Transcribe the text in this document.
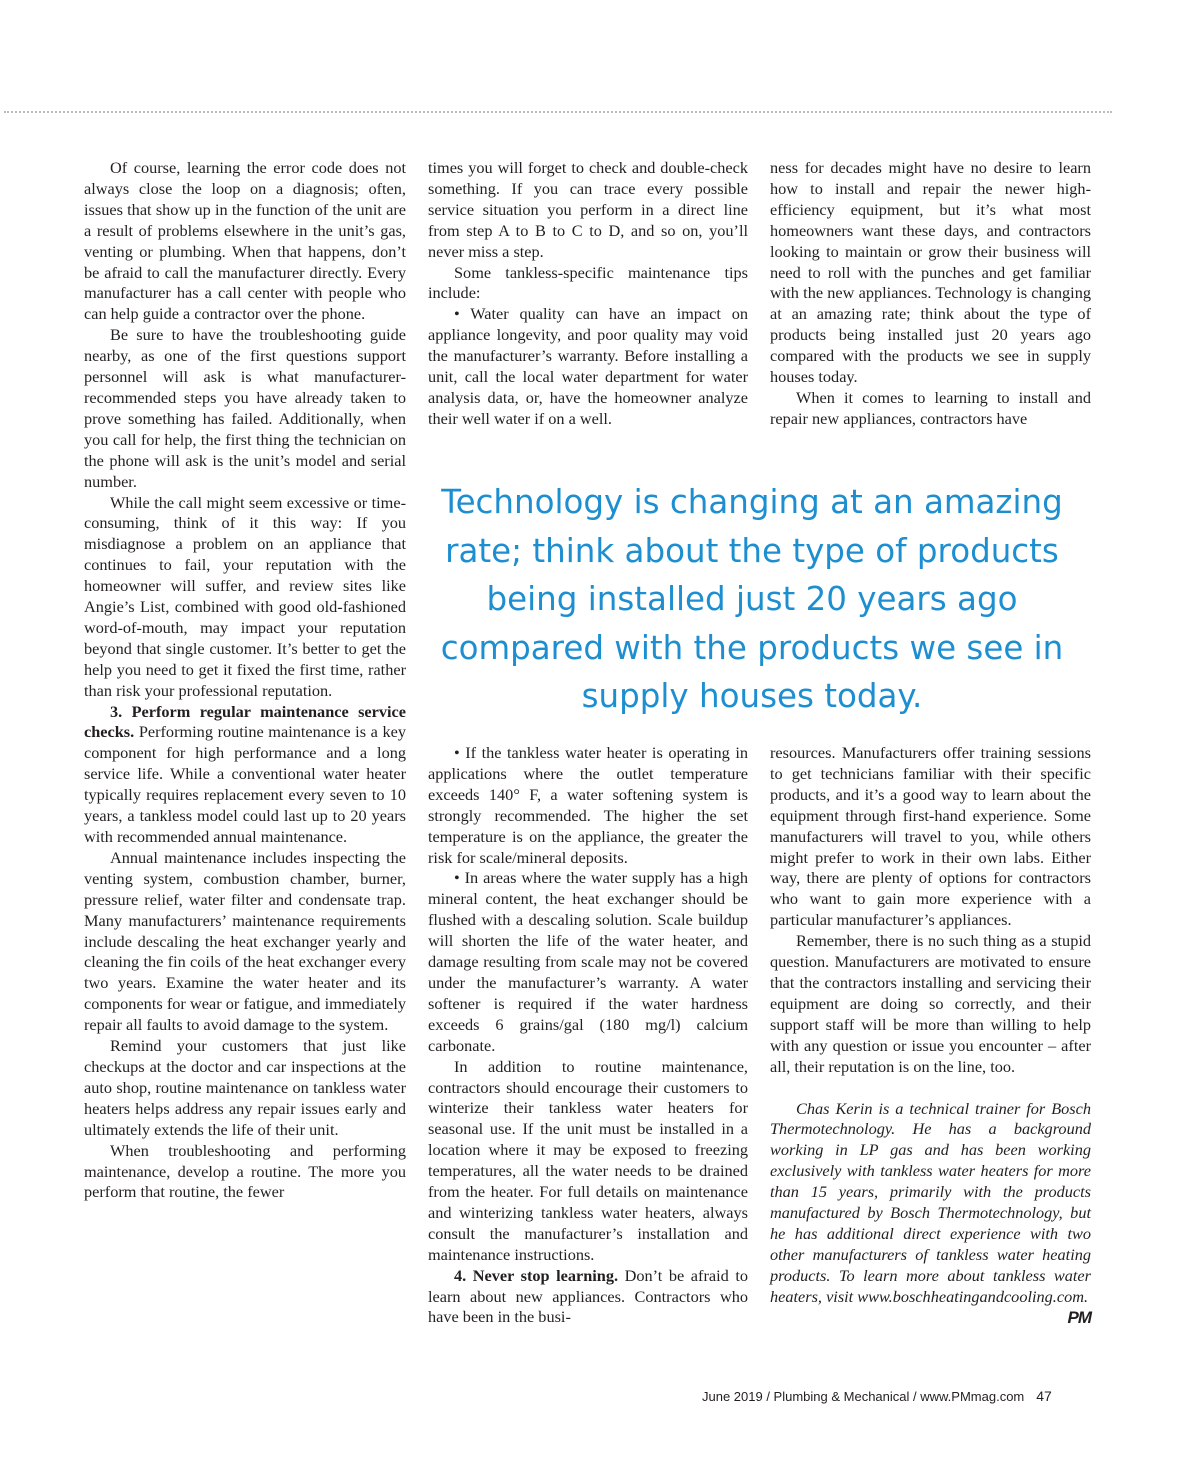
Of course, learning the error code does not always close the loop on a diagnosis; often, issues that show up in the function of the unit are a result of problems elsewhere in the unit’s gas, venting or plumbing. When that happens, don’t be afraid to call the manufacturer directly. Every manufacturer has a call center with people who can help guide a contractor over the phone.

Be sure to have the troubleshooting guide nearby, as one of the first questions support personnel will ask is what manufacturer-recommended steps you have already taken to prove something has failed. Additionally, when you call for help, the first thing the technician on the phone will ask is the unit’s model and serial number.

While the call might seem excessive or time-consuming, think of it this way: If you misdiagnose a problem on an appliance that continues to fail, your reputation with the homeowner will suffer, and review sites like Angie’s List, combined with good old-fashioned word-of-mouth, may impact your reputation beyond that single customer. It’s better to get the help you need to get it fixed the first time, rather than risk your professional reputation.

3. Perform regular maintenance service checks. Performing routine maintenance is a key component for high performance and a long service life. While a conventional water heater typically requires replacement every seven to 10 years, a tankless model could last up to 20 years with recommended annual maintenance.

Annual maintenance includes inspecting the venting system, combustion chamber, burner, pressure relief, water filter and condensate trap. Many manufacturers’ maintenance requirements include descaling the heat exchanger yearly and cleaning the fin coils of the heat exchanger every two years. Examine the water heater and its components for wear or fatigue, and immediately repair all faults to avoid damage to the system.

Remind your customers that just like checkups at the doctor and car inspections at the auto shop, routine maintenance on tankless water heaters helps address any repair issues early and ultimately extends the life of their unit.

When troubleshooting and performing maintenance, develop a routine. The more you perform that routine, the fewer

times you will forget to check and double-check something. If you can trace every possible service situation you perform in a direct line from step A to B to C to D, and so on, you’ll never miss a step.

Some tankless-specific maintenance tips include:

• Water quality can have an impact on appliance longevity, and poor quality may void the manufacturer’s warranty. Before installing a unit, call the local water department for water analysis data, or, have the homeowner analyze their well water if on a well.

ness for decades might have no desire to learn how to install and repair the newer high-efficiency equipment, but it’s what most homeowners want these days, and contractors looking to maintain or grow their business will need to roll with the punches and get familiar with the new appliances. Technology is changing at an amazing rate; think about the type of products being installed just 20 years ago compared with the products we see in supply houses today.

When it comes to learning to install and repair new appliances, contractors have

Technology is changing at an amazing rate; think about the type of products being installed just 20 years ago compared with the products we see in supply houses today.

• If the tankless water heater is operating in applications where the outlet temperature exceeds 140° F, a water softening system is strongly recommended. The higher the set temperature is on the appliance, the greater the risk for scale/mineral deposits.

• In areas where the water supply has a high mineral content, the heat exchanger should be flushed with a descaling solution. Scale buildup will shorten the life of the water heater, and damage resulting from scale may not be covered under the manufacturer’s warranty. A water softener is required if the water hardness exceeds 6 grains/gal (180 mg/l) calcium carbonate.

In addition to routine maintenance, contractors should encourage their customers to winterize their tankless water heaters for seasonal use. If the unit must be installed in a location where it may be exposed to freezing temperatures, all the water needs to be drained from the heater. For full details on maintenance and winterizing tankless water heaters, always consult the manufacturer’s installation and maintenance instructions.

4. Never stop learning. Don’t be afraid to learn about new appliances. Contractors who have been in the busi-

resources. Manufacturers offer training sessions to get technicians familiar with their specific products, and it’s a good way to learn about the equipment through first-hand experience. Some manufacturers will travel to you, while others might prefer to work in their own labs. Either way, there are plenty of options for contractors who want to gain more experience with a particular manufacturer’s appliances.

Remember, there is no such thing as a stupid question. Manufacturers are motivated to ensure that the contractors installing and servicing their equipment are doing so correctly, and their support staff will be more than willing to help with any question or issue you encounter – after all, their reputation is on the line, too.

Chas Kerin is a technical trainer for Bosch Thermotechnology. He has a background working in LP gas and has been working exclusively with tankless water heaters for more than 15 years, primarily with the products manufactured by Bosch Thermotechnology, but he has additional direct experience with two other manufacturers of tankless water heating products. To learn more about tankless water heaters, visit www.boschheatingandcooling.com.
PM

June 2019 / Plumbing & Mechanical / www.PMmag.com 47
